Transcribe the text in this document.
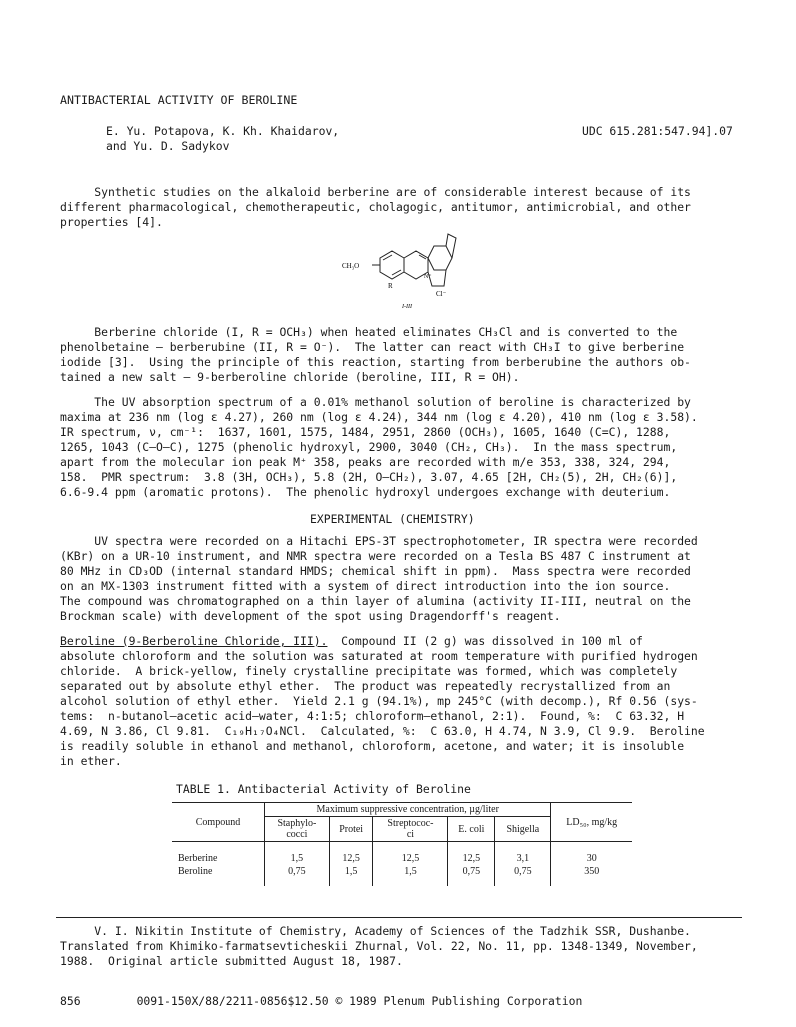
ANTIBACTERIAL ACTIVITY OF BEROLINE
E. Yu. Potapova, K. Kh. Khaidarov,
and Yu. D. Sadykov
UDC 615.281:547.94].07

Synthetic studies on the alkaloid berberine are of considerable interest because of its
different pharmacological, chemotherapeutic, cholagogic, antitumor, antimicrobial, and other
properties [4].

CH₃O
R
N⁺
Cl⁻
I-III

Berberine chloride (I, R = OCH₃) when heated eliminates CH₃Cl and is converted to the
phenolbetaine – berberubine (II, R = O⁻).  The latter can react with CH₃I to give berberine
iodide [3].  Using the principle of this reaction, starting from berberubine the authors ob-
tained a new salt – 9-berberoline chloride (beroline, III, R = OH).

The UV absorption spectrum of a 0.01% methanol solution of beroline is characterized by
maxima at 236 nm (log ε 4.27), 260 nm (log ε 4.24), 344 nm (log ε 4.20), 410 nm (log ε 3.58).
IR spectrum, ν, cm⁻¹:  1637, 1601, 1575, 1484, 2951, 2860 (OCH₃), 1605, 1640 (C=C), 1288,
1265, 1043 (C–O–C), 1275 (phenolic hydroxyl, 2900, 3040 (CH₂, CH₃).  In the mass spectrum,
apart from the molecular ion peak M⁺ 358, peaks are recorded with m/e 353, 338, 324, 294,
158.  PMR spectrum:  3.8 (3H, OCH₃), 5.8 (2H, O–CH₂), 3.07, 4.65 [2H, CH₂(5), 2H, CH₂(6)],
6.6-9.4 ppm (aromatic protons).  The phenolic hydroxyl undergoes exchange with deuterium.

EXPERIMENTAL (CHEMISTRY)

UV spectra were recorded on a Hitachi EPS-3T spectrophotometer, IR spectra were recorded
(KBr) on a UR-10 instrument, and NMR spectra were recorded on a Tesla BS 487 C instrument at
80 MHz in CD₃OD (internal standard HMDS; chemical shift in ppm).  Mass spectra were recorded
on an MX-1303 instrument fitted with a system of direct introduction into the ion source.
The compound was chromatographed on a thin layer of alumina (activity II-III, neutral on the
Brockman scale) with development of the spot using Dragendorff's reagent.

Beroline (9-Berberoline Chloride, III).  Compound II (2 g) was dissolved in 100 ml of
absolute chloroform and the solution was saturated at room temperature with purified hydrogen
chloride.  A brick-yellow, finely crystalline precipitate was formed, which was completely
separated out by absolute ethyl ether.  The product was repeatedly recrystallized from an
alcohol solution of ethyl ether.  Yield 2.1 g (94.1%), mp 245°C (with decomp.), Rf 0.56 (sys-
tems:  n-butanol–acetic acid–water, 4:1:5; chloroform–ethanol, 2:1).  Found, %:  C 63.32, H
4.69, N 3.86, Cl 9.81.  C₁₉H₁₇O₄NCl.  Calculated, %:  C 63.0, H 4.74, N 3.9, Cl 9.9.  Beroline
is readily soluble in ethanol and methanol, chloroform, acetone, and water; it is insoluble
in ether.

TABLE 1. Antibacterial Activity of Beroline
Compound	Maximum suppressive concentration, µg/liter					LD₅₀, mg/kg
	Staphylo-
cocci	Protei	Streptococ-
ci	E. coli	Shigella	

Berberine	1,5	12,5	12,5	12,5	3,1	30
Beroline	0,75	1,5	1,5	0,75	0,75	350

V. I. Nikitin Institute of Chemistry, Academy of Sciences of the Tadzhik SSR, Dushanbe.
Translated from Khimiko-farmatsevticheskii Zhurnal, Vol. 22, No. 11, pp. 1348-1349, November,
1988.  Original article submitted August 18, 1987.

856	0091-150X/88/2211-0856$12.50 © 1989 Plenum Publishing Corporation
